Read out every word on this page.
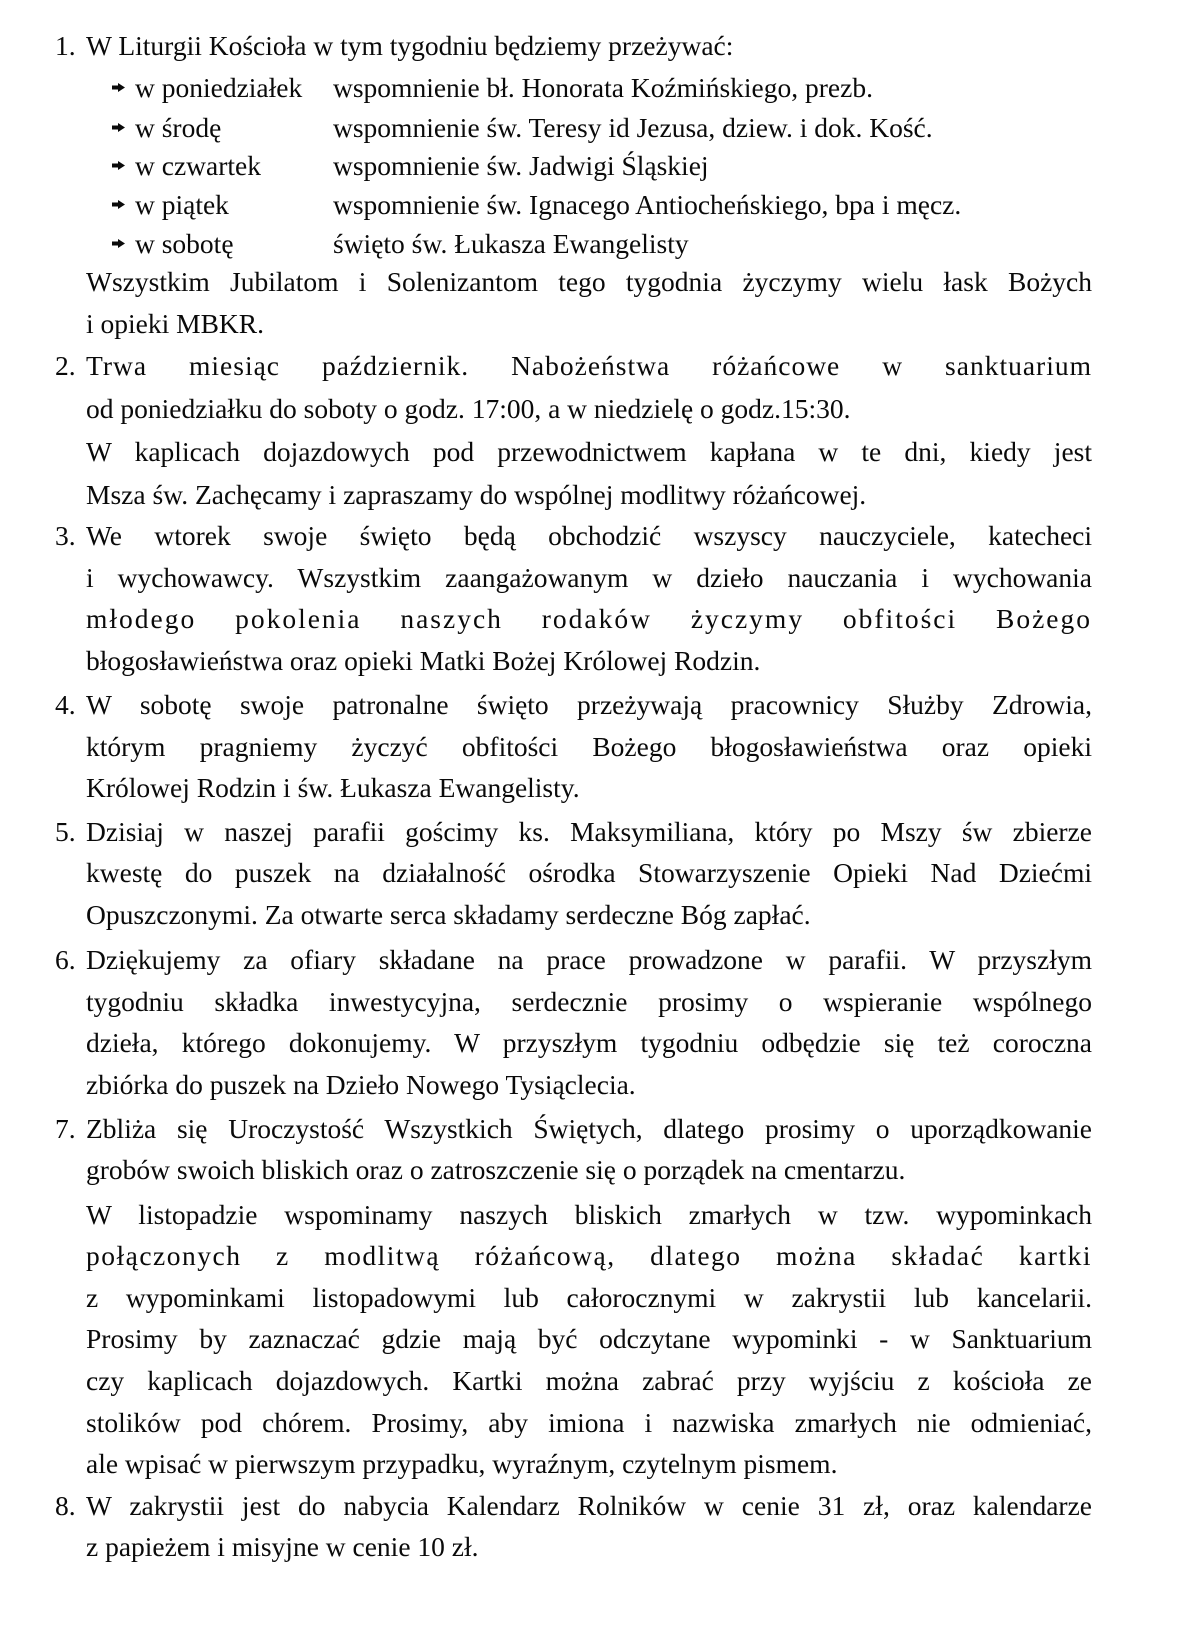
1. W Liturgii Kościoła w tym tygodniu będziemy przeżywać:
w poniedziałek wspomnienie bł. Honorata Koźmińskiego, prezb.
w środę	wspomnienie św. Teresy id Jezusa, dziew. i dok. Kość.
w czwartek	wspomnienie św. Jadwigi Śląskiej
w piątek	wspomnienie św. Ignacego Antiocheńskiego, bpa i męcz.
w sobotę	święto św. Łukasza Ewangelisty
Wszystkim Jubilatom i Solenizantom tego tygodnia życzymy wielu łask Bożych
i opieki MBKR.
2. Trwa miesiąc październik. Nabożeństwa różańcowe w sanktuarium
od poniedziałku do soboty o godz. 17:00, a w niedzielę o godz.15:30.
W kaplicach dojazdowych pod przewodnictwem kapłana w te dni, kiedy jest
Msza św. Zachęcamy i zapraszamy do wspólnej modlitwy różańcowej.
3. We wtorek swoje święto będą obchodzić wszyscy nauczyciele, katecheci
i wychowawcy. Wszystkim zaangażowanym w dzieło nauczania i wychowania
młodego pokolenia naszych rodaków życzymy obfitości Bożego
błogosławieństwa oraz opieki Matki Bożej Królowej Rodzin.
4. W sobotę swoje patronalne święto przeżywają pracownicy Służby Zdrowia,
którym pragniemy życzyć obfitości Bożego błogosławieństwa oraz opieki
Królowej Rodzin i św. Łukasza Ewangelisty.
5. Dzisiaj w naszej parafii gościmy ks. Maksymiliana, który po Mszy św zbierze
kwestę do puszek na działalność ośrodka Stowarzyszenie Opieki Nad Dziećmi
Opuszczonymi. Za otwarte serca składamy serdeczne Bóg zapłać.
6. Dziękujemy za ofiary składane na prace prowadzone w parafii. W przyszłym
tygodniu składka inwestycyjna, serdecznie prosimy o wspieranie wspólnego
dzieła, którego dokonujemy. W przyszłym tygodniu odbędzie się też coroczna
zbiórka do puszek na Dzieło Nowego Tysiąclecia.
7. Zbliża się Uroczystość Wszystkich Świętych, dlatego prosimy o uporządkowanie
grobów swoich bliskich oraz o zatroszczenie się o porządek na cmentarzu.
W listopadzie wspominamy naszych bliskich zmarłych w tzw. wypominkach
połączonych z modlitwą różańcową, dlatego można składać kartki
z wypominkami listopadowymi lub całorocznymi w zakrystii lub kancelarii.
Prosimy by zaznaczać gdzie mają być odczytane wypominki - w Sanktuarium
czy kaplicach dojazdowych. Kartki można zabrać przy wyjściu z kościoła ze
stolików pod chórem. Prosimy, aby imiona i nazwiska zmarłych nie odmieniać,
ale wpisać w pierwszym przypadku, wyraźnym, czytelnym pismem.
8. W zakrystii jest do nabycia Kalendarz Rolników w cenie 31 zł, oraz kalendarze
z papieżem i misyjne w cenie 10 zł.
